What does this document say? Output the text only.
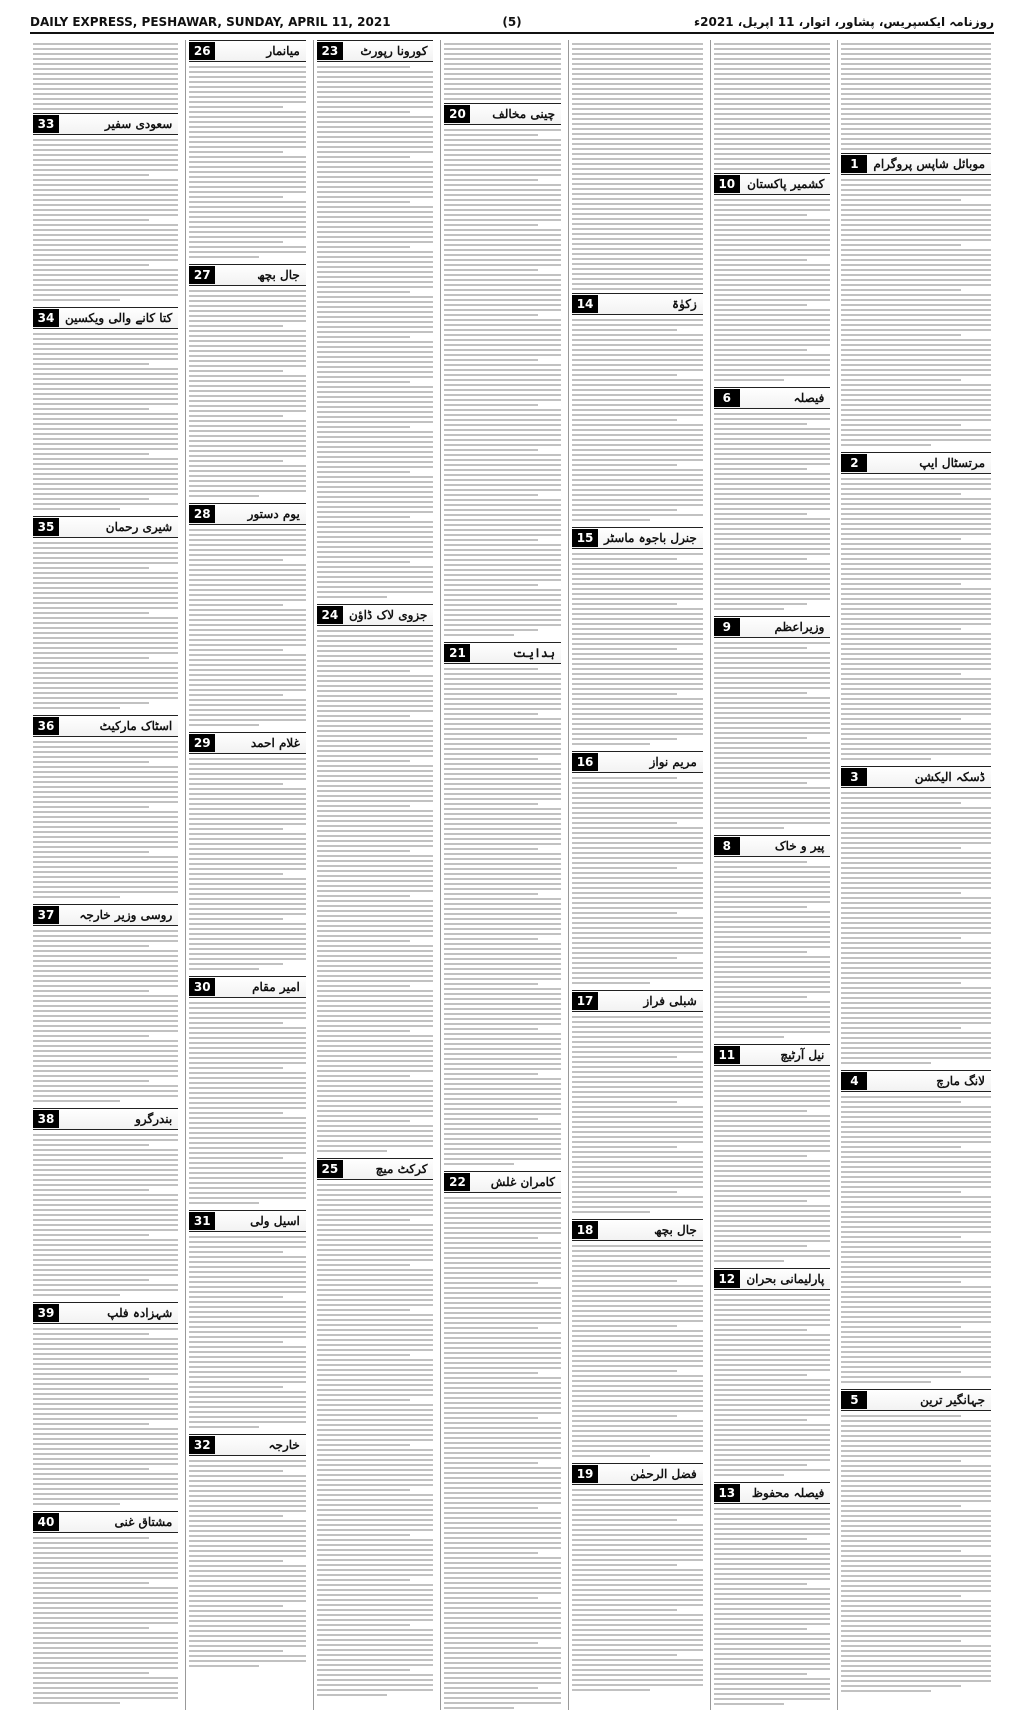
DAILY EXPRESS, PESHAWAR, SUNDAY, APRIL 11, 2021	(5)	روزنامہ ایکسپریس، پشاور، اتوار، 11 اپریل، 2021ء
1	موبائل شاپس پروگرام
2	مرتسٹال ایپ
3	ڈسکہ الیکشن
4	لانگ مارچ
5	جہانگیر ترین
10 کشمیر پاکستان
6	فیصلہ
9	وزیراعظم
8	پیر و خاک
11	نیل آرٹیچ
12 پارلیمانی بحران
13	فیصلہ محفوظ
14	زکوٰۃ
15 جنرل باجوہ ماسٹر
16	مریم نواز
17	شبلی فراز
18	جال بچھ
19	فضل الرحمٰن
20	چینی مخالف
21	ہدایت
22	کامران غلش
23	کورونا رپورٹ
24 جزوی لاک ڈاؤن
25	کرکٹ میچ
26	میانمار
27	جال بچھ
28	یوم دستور
29	غلام احمد
30	امیر مقام
31	اسیل ولی
32	خارجہ
33	سعودی سفیر
34 کتا کانے والی ویکسین
35	شیری رحمان
36	اسٹاک مارکیٹ
37	روسی وزیر خارجہ
38	بندرگرو
39	شہزادہ فلپ
40	مشتاق غنی
